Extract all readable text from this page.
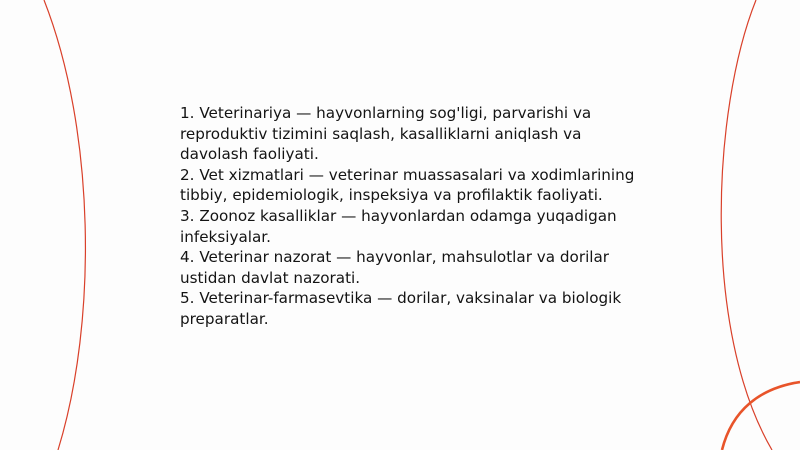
1. Veterinariya — hayvonlarning sog'ligi, parvarishi va reproduktiv tizimini saqlash, kasalliklarni aniqlash va davolash faoliyati.
2. Vet xizmatlari — veterinar muassasalari va xodimlarining tibbiy, epidemiologik, inspeksiya va profilaktik faoliyati.
3. Zoonoz kasalliklar — hayvonlardan odamga yuqadigan infeksiyalar.
4. Veterinar nazorat — hayvonlar, mahsulotlar va dorilar ustidan davlat nazorati.
5. Veterinar-farmasevtika — dorilar, vaksinalar va biologik preparatlar.
